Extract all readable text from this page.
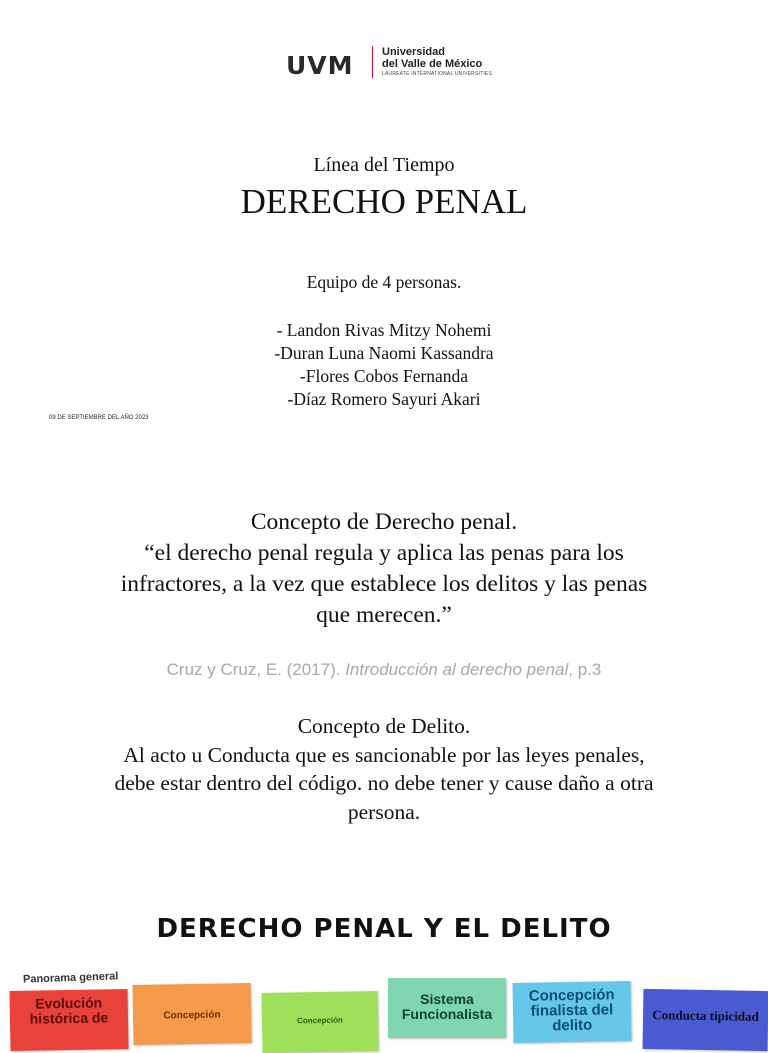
UVM	Universidad
del Valle de México
LAUREATE INTERNATIONAL UNIVERSITIES
Línea del Tiempo
DERECHO PENAL
Equipo de 4 personas.
- Landon Rivas Mitzy Nohemi
-Duran Luna Naomi Kassandra
-Flores Cobos Fernanda
-Díaz Romero Sayuri Akari
09 DE SEPTIEMBRE DEL AÑO 2023
Concepto de Derecho penal.
“el derecho penal regula y aplica las penas para los infractores, a la vez que establece los delitos y las penas que merecen.”
Cruz y Cruz, E. (2017). Introducción al derecho penal, p.3
Concepto de Delito.
Al acto u Conducta que es sancionable por las leyes penales, debe estar dentro del código. no debe tener y cause daño a otra persona.
DERECHO PENAL Y EL DELITO
Panorama general
Evolución histórica de	Concepción	Concepción
Sistema Funcionalista
Concepción finalista del delito
Conducta tipicidad
